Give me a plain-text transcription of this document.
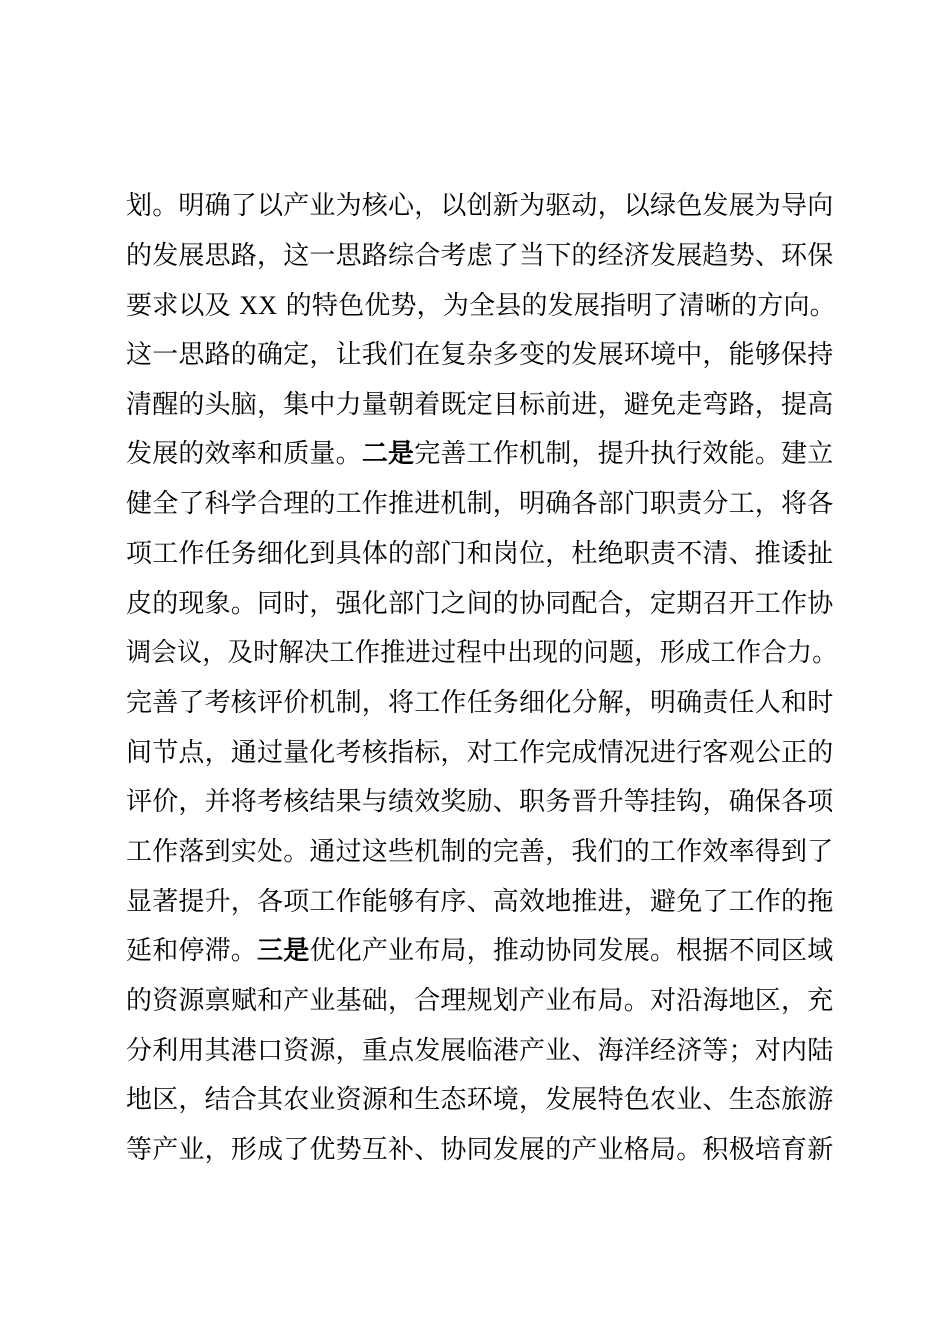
划。明确了以产业为核心，以创新为驱动，以绿色发展为导向
的发展思路，这一思路综合考虑了当下的经济发展趋势、环保
要求以及 XX 的特色优势，为全县的发展指明了清晰的方向。
这一思路的确定，让我们在复杂多变的发展环境中，能够保持
清醒的头脑，集中力量朝着既定目标前进，避免走弯路，提高
发展的效率和质量。二是完善工作机制，提升执行效能。建立
健全了科学合理的工作推进机制，明确各部门职责分工，将各
项工作任务细化到具体的部门和岗位，杜绝职责不清、推诿扯
皮的现象。同时，强化部门之间的协同配合，定期召开工作协
调会议，及时解决工作推进过程中出现的问题，形成工作合力。
完善了考核评价机制，将工作任务细化分解，明确责任人和时
间节点，通过量化考核指标，对工作完成情况进行客观公正的
评价，并将考核结果与绩效奖励、职务晋升等挂钩，确保各项
工作落到实处。通过这些机制的完善，我们的工作效率得到了
显著提升，各项工作能够有序、高效地推进，避免了工作的拖
延和停滞。三是优化产业布局，推动协同发展。根据不同区域
的资源禀赋和产业基础，合理规划产业布局。对沿海地区，充
分利用其港口资源，重点发展临港产业、海洋经济等；对内陆
地区，结合其农业资源和生态环境，发展特色农业、生态旅游
等产业，形成了优势互补、协同发展的产业格局。积极培育新
